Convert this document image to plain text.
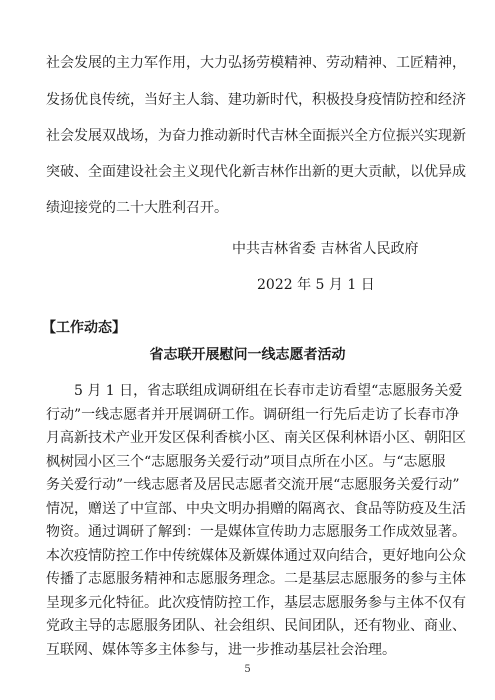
社会发展的主力军作用，大力弘扬劳模精神、劳动精神、工匠精神，
发扬优良传统，当好主人翁、建功新时代，积极投身疫情防控和经济
社会发展双战场，为奋力推动新时代吉林全面振兴全方位振兴实现新
突破、全面建设社会主义现代化新吉林作出新的更大贡献，以优异成
绩迎接党的二十大胜利召开。
中共吉林省委 吉林省人民政府
2022 年 5 月 1 日
【工作动态】
省志联开展慰问一线志愿者活动
5 月 1 日，省志联组成调研组在长春市走访看望“志愿服务关爱
行动”一线志愿者并开展调研工作。调研组一行先后走访了长春市净
月高新技术产业开发区保利香槟小区、南关区保利林语小区、朝阳区
枫树园小区三个“志愿服务关爱行动”项目点所在小区。与“志愿服
务关爱行动”一线志愿者及居民志愿者交流开展“志愿服务关爱行动”
情况，赠送了中宣部、中央文明办捐赠的隔离衣、食品等防疫及生活
物资。通过调研了解到：一是媒体宣传助力志愿服务工作成效显著。
本次疫情防控工作中传统媒体及新媒体通过双向结合，更好地向公众
传播了志愿服务精神和志愿服务理念。二是基层志愿服务的参与主体
呈现多元化特征。此次疫情防控工作，基层志愿服务参与主体不仅有
党政主导的志愿服务团队、社会组织、民间团队，还有物业、商业、
互联网、媒体等多主体参与，进一步推动基层社会治理。
5
